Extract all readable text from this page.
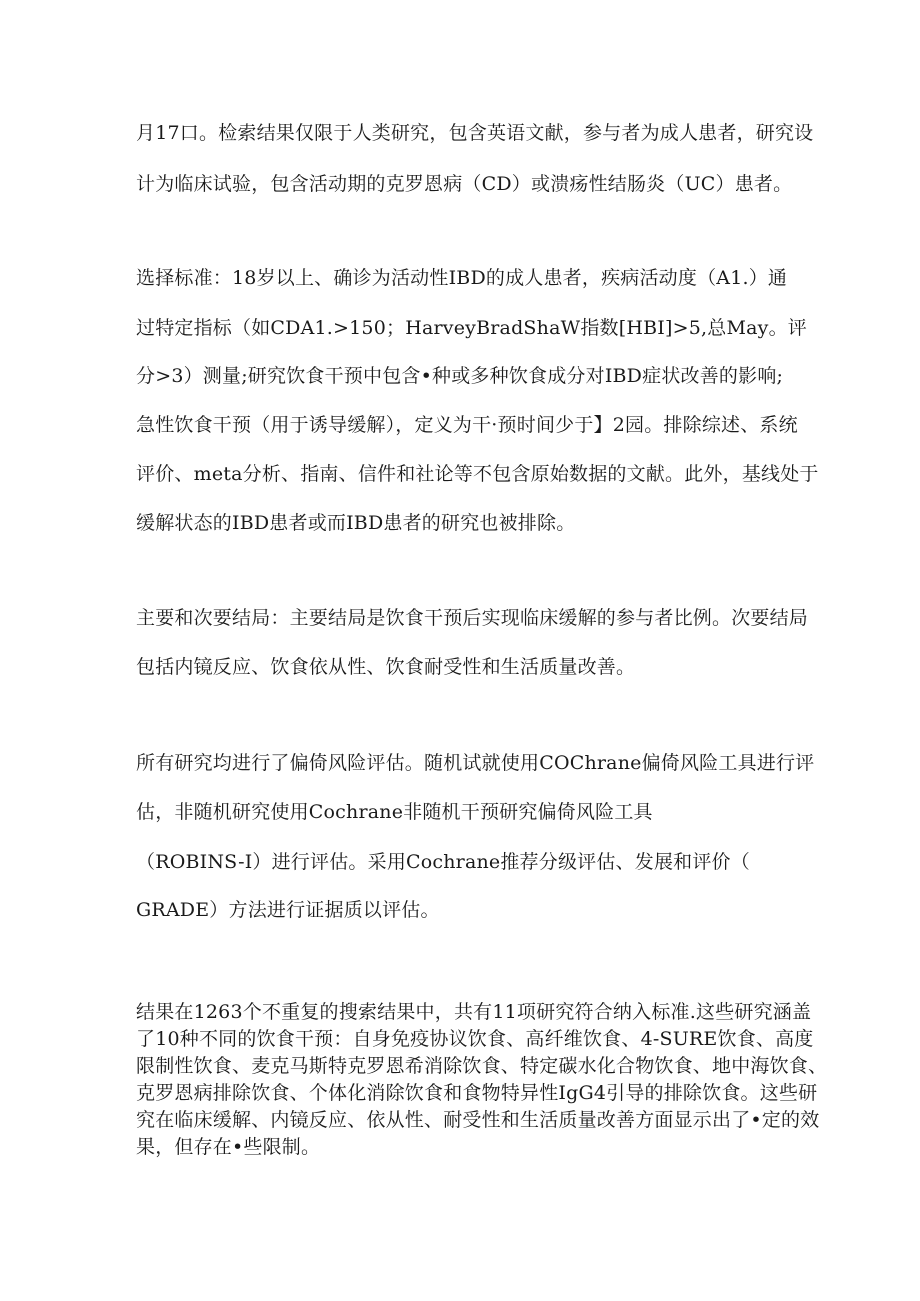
月17口。检索结果仅限于人类研究，包含英语文献，参与者为成人患者，研究设
计为临床试验，包含活动期的克罗恩病（CD）或溃疡性结肠炎（UC）患者。
选择标准：18岁以上、确诊为活动性IBD的成人患者，疾病活动度（A1.）通
过特定指标（如CDA1.>150；HarveyBradShaW指数[HBI]>5,总May。评
分>3）测量;研究饮食干预中包含•种或多种饮食成分对IBD症状改善的影响;
急性饮食干预（用于诱导缓解），定义为干·预时间少于】2园。排除综述、系统
评价、meta分析、指南、信件和社论等不包含原始数据的文献。此外，基线处于
缓解状态的IBD患者或而IBD患者的研究也被排除。
主要和次要结局：主要结局是饮食干预后实现临床缓解的参与者比例。次要结局
包括内镜反应、饮食依从性、饮食耐受性和生活质量改善。
所有研究均进行了偏倚风险评估。随机试就使用COChrane偏倚风险工具进行评
估，非随机研究使用Cochrane非随机干预研究偏倚风险工具
（ROBINS-I）进行评估。采用Cochrane推荐分级评估、发展和评价（
GRADE）方法进行证据质以评估。
结果在1263个不重复的搜索结果中，共有11项研究符合纳入标准.这些研究涵盖
了10种不同的饮食干预：自身免疫协议饮食、高纤维饮食、4-SURE饮食、高度
限制性饮食、麦克马斯特克罗恩希消除饮食、特定碳水化合物饮食、地中海饮食、
克罗恩病排除饮食、个体化消除饮食和食物特异性IgG4引导的排除饮食。这些研
究在临床缓解、内镜反应、依从性、耐受性和生活质量改善方面显示出了•定的效
果，但存在•些限制。
